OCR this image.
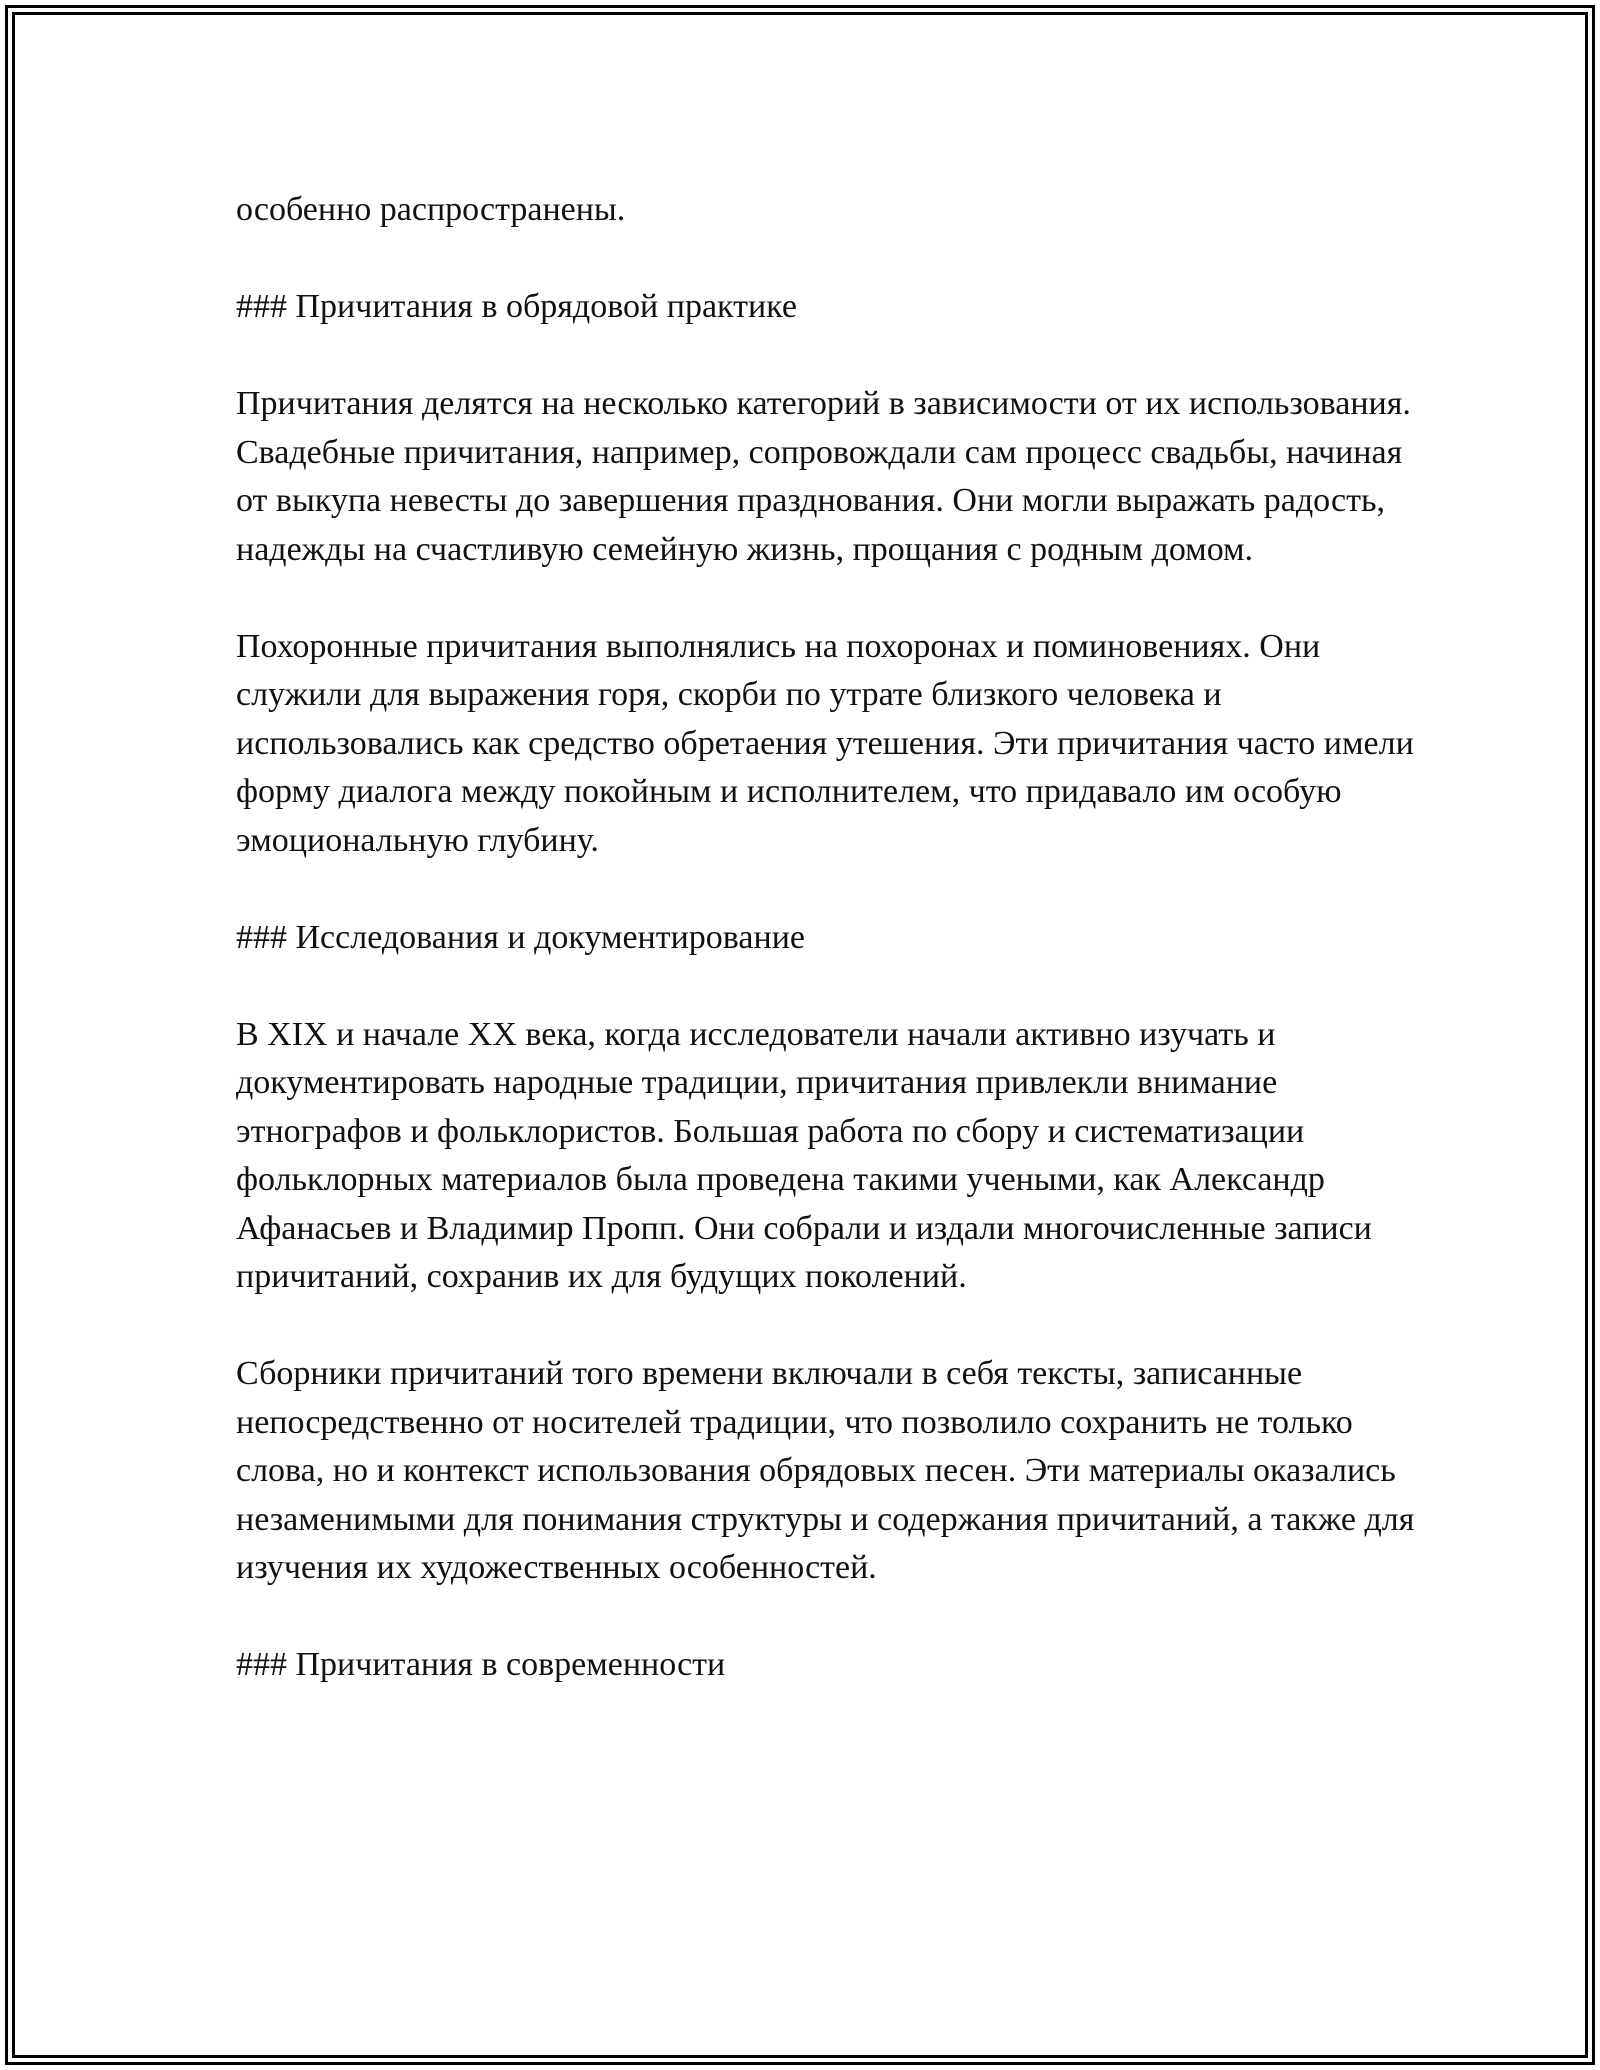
особенно распространены.

### Причитания в обрядовой практике

Причитания делятся на несколько категорий в зависимости от их использования. Свадебные причитания, например, сопровождали сам процесс свадьбы, начиная от выкупа невесты до завершения празднования. Они могли выражать радость, надежды на счастливую семейную жизнь, прощания с родным домом.

Похоронные причитания выполнялись на похоронах и поминовениях. Они служили для выражения горя, скорби по утрате близкого человека и использовались как средство обретаения утешения. Эти причитания часто имели форму диалога между покойным и исполнителем, что придавало им особую эмоциональную глубину.

### Исследования и документирование

В XIX и начале XX века, когда исследователи начали активно изучать и документировать народные традиции, причитания привлекли внимание этнографов и фольклористов. Большая работа по сбору и систематизации фольклорных материалов была проведена такими учеными, как Александр Афанасьев и Владимир Пропп. Они собрали и издали многочисленные записи причитаний, сохранив их для будущих поколений.

Сборники причитаний того времени включали в себя тексты, записанные непосредственно от носителей традиции, что позволило сохранить не только слова, но и контекст использования обрядовых песен. Эти материалы оказались незаменимыми для понимания структуры и содержания причитаний, а также для изучения их художественных особенностей.

### Причитания в современности
